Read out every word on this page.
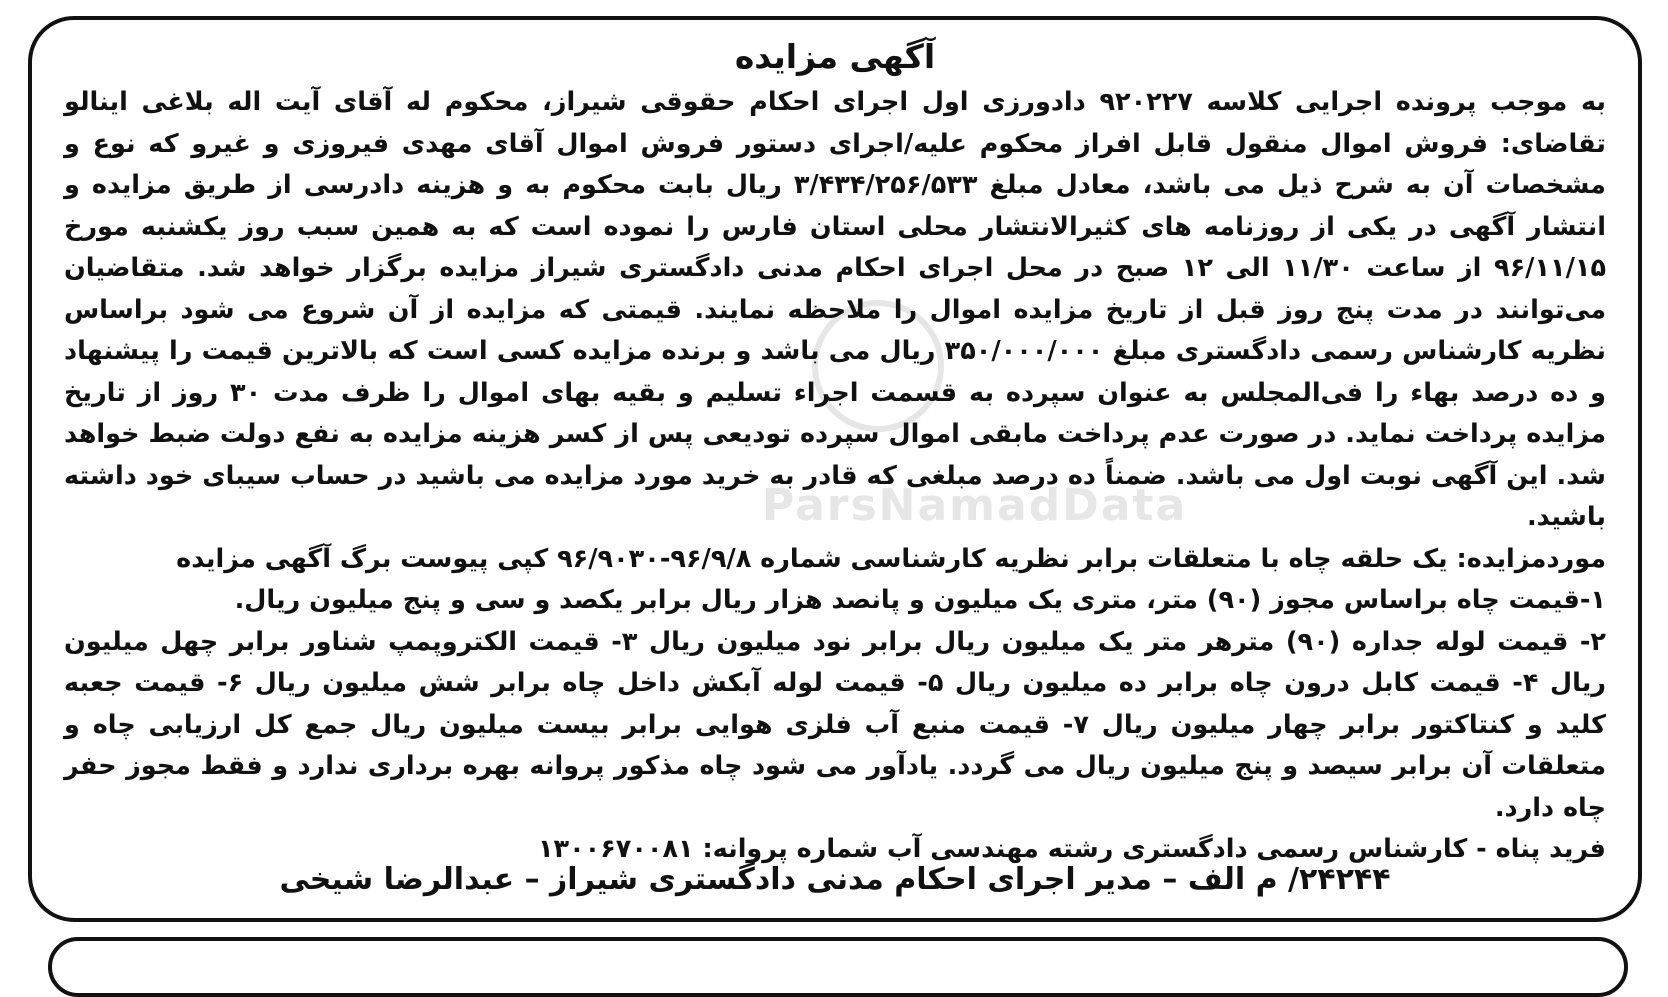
ParsNamadData
آگهی مزایده

به موجب پرونده اجرایی کلاسه ۹۲۰۲۲۷ دادورزی اول اجرای احکام حقوقی شیراز، محکوم له آقای آیت اله بلاغی اینالو تقاضای: فروش اموال منقول قابل افراز محکوم علیه/اجرای دستور فروش اموال آقای مهدی فیروزی و غیرو که نوع و مشخصات آن به شرح ذیل می باشد، معادل مبلغ ۳/۴۳۴/۲۵۶/۵۳۳ ریال بابت محکوم به و هزینه دادرسی از طریق مزایده و انتشار آگهی در یکی از روزنامه های کثیرالانتشار محلی استان فارس را نموده است که به همین سبب روز یکشنبه مورخ ۹۶/۱۱/۱۵ از ساعت ۱۱/۳۰ الی ۱۲ صبح در محل اجرای احکام مدنی دادگستری شیراز مزایده برگزار خواهد شد. متقاضیان می‌توانند در مدت پنج روز قبل از تاریخ مزایده اموال را ملاحظه نمایند. قیمتی که مزایده از آن شروع می شود براساس نظریه کارشناس رسمی دادگستری مبلغ ۳۵۰/۰۰۰/۰۰۰ ریال می باشد و برنده مزایده کسی است که بالاترین قیمت را پیشنهاد و ده درصد بهاء را فی‌المجلس به عنوان سپرده به قسمت اجراء تسلیم و بقیه بهای اموال را ظرف مدت ۳۰ روز از تاریخ مزایده پرداخت نماید. در صورت عدم پرداخت مابقی اموال سپرده تودیعی پس از کسر هزینه مزایده به نفع دولت ضبط خواهد شد. این آگهی نوبت اول می باشد. ضمناً ده درصد مبلغی که قادر به خرید مورد مزایده می باشید در حساب سیبای خود داشته باشید.

موردمزایده: یک حلقه چاه با متعلقات برابر نظریه کارشناسی شماره ۹۶/۹/۸-۹۶/۹۰۳۰ کپی پیوست برگ آگهی مزایده

۱-قیمت چاه براساس مجوز (۹۰) متر، متری یک میلیون و پانصد هزار ریال برابر یکصد و سی و پنج میلیون ریال.

۲- قیمت لوله جداره (۹۰) مترهر متر یک میلیون ریال برابر نود میلیون ریال ۳- قیمت الکتروپمپ شناور برابر چهل میلیون ریال ۴- قیمت کابل درون چاه برابر ده میلیون ریال ۵- قیمت لوله آبکش داخل چاه برابر شش میلیون ریال ۶- قیمت جعبه کلید و کنتاکتور برابر چهار میلیون ریال ۷- قیمت منبع آب فلزی هوایی برابر بیست میلیون ریال جمع کل ارزیابی چاه و متعلقات آن برابر سیصد و پنج میلیون ریال می گردد. یادآور می شود چاه مذکور پروانه بهره برداری ندارد و فقط مجوز حفر چاه دارد.

فرید پناه - کارشناس رسمی دادگستری رشته مهندسی آب شماره پروانه: ۱۳۰۰۶۷۰۰۸۱

۲۴۲۴۴/ م الف – مدیر اجرای احکام مدنی دادگستری شیراز – عبدالرضا شیخی
